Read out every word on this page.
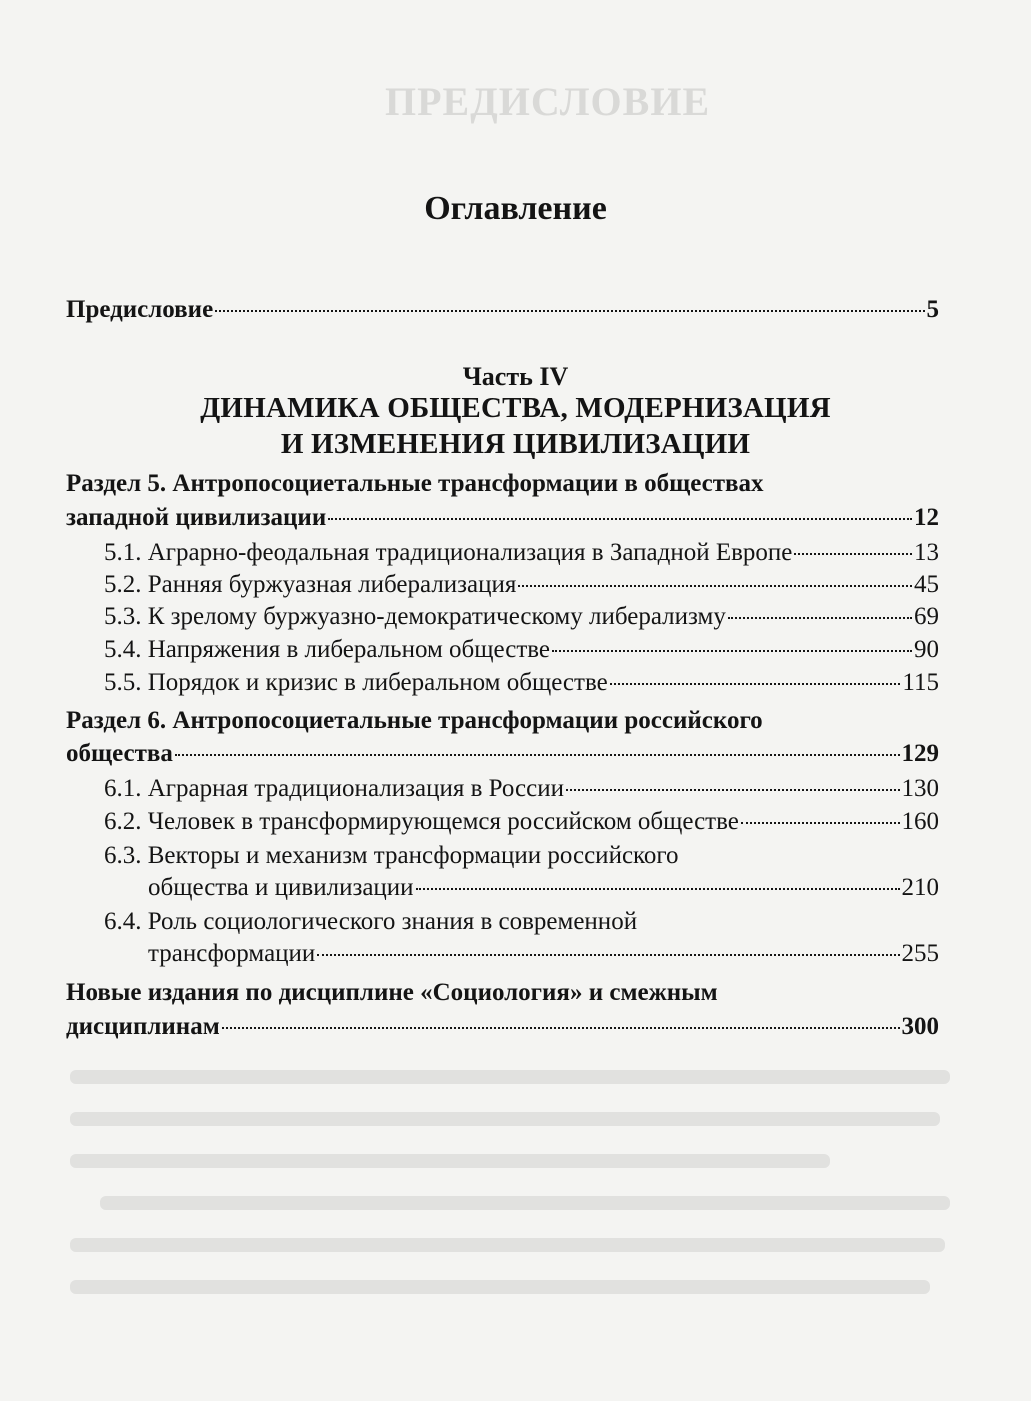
ПРЕДИСЛОВИЕ
Оглавление
Предисловие	5
Часть IV
ДИНАМИКА ОБЩЕСТВА, МОДЕРНИЗАЦИЯ
И ИЗМЕНЕНИЯ ЦИВИЛИЗАЦИИ
Раздел 5. Антропосоциетальные трансформации в обществах
западной цивилизации	12
5.1. Аграрно-феодальная традиционализация в Западной Европе	13
5.2. Ранняя буржуазная либерализация	45
5.3. К зрелому буржуазно-демократическому либерализму	69
5.4. Напряжения в либеральном обществе	90
5.5. Порядок и кризис в либеральном обществе	115
Раздел 6. Антропосоциетальные трансформации российского
общества	129
6.1. Аграрная традиционализация в России	130
6.2. Человек в трансформирующемся российском обществе	160
6.3. Векторы и механизм трансформации российского
общества и цивилизации	210
6.4. Роль социологического знания в современной
трансформации	255
Новые издания по дисциплине «Социология» и смежным
дисциплинам	300
